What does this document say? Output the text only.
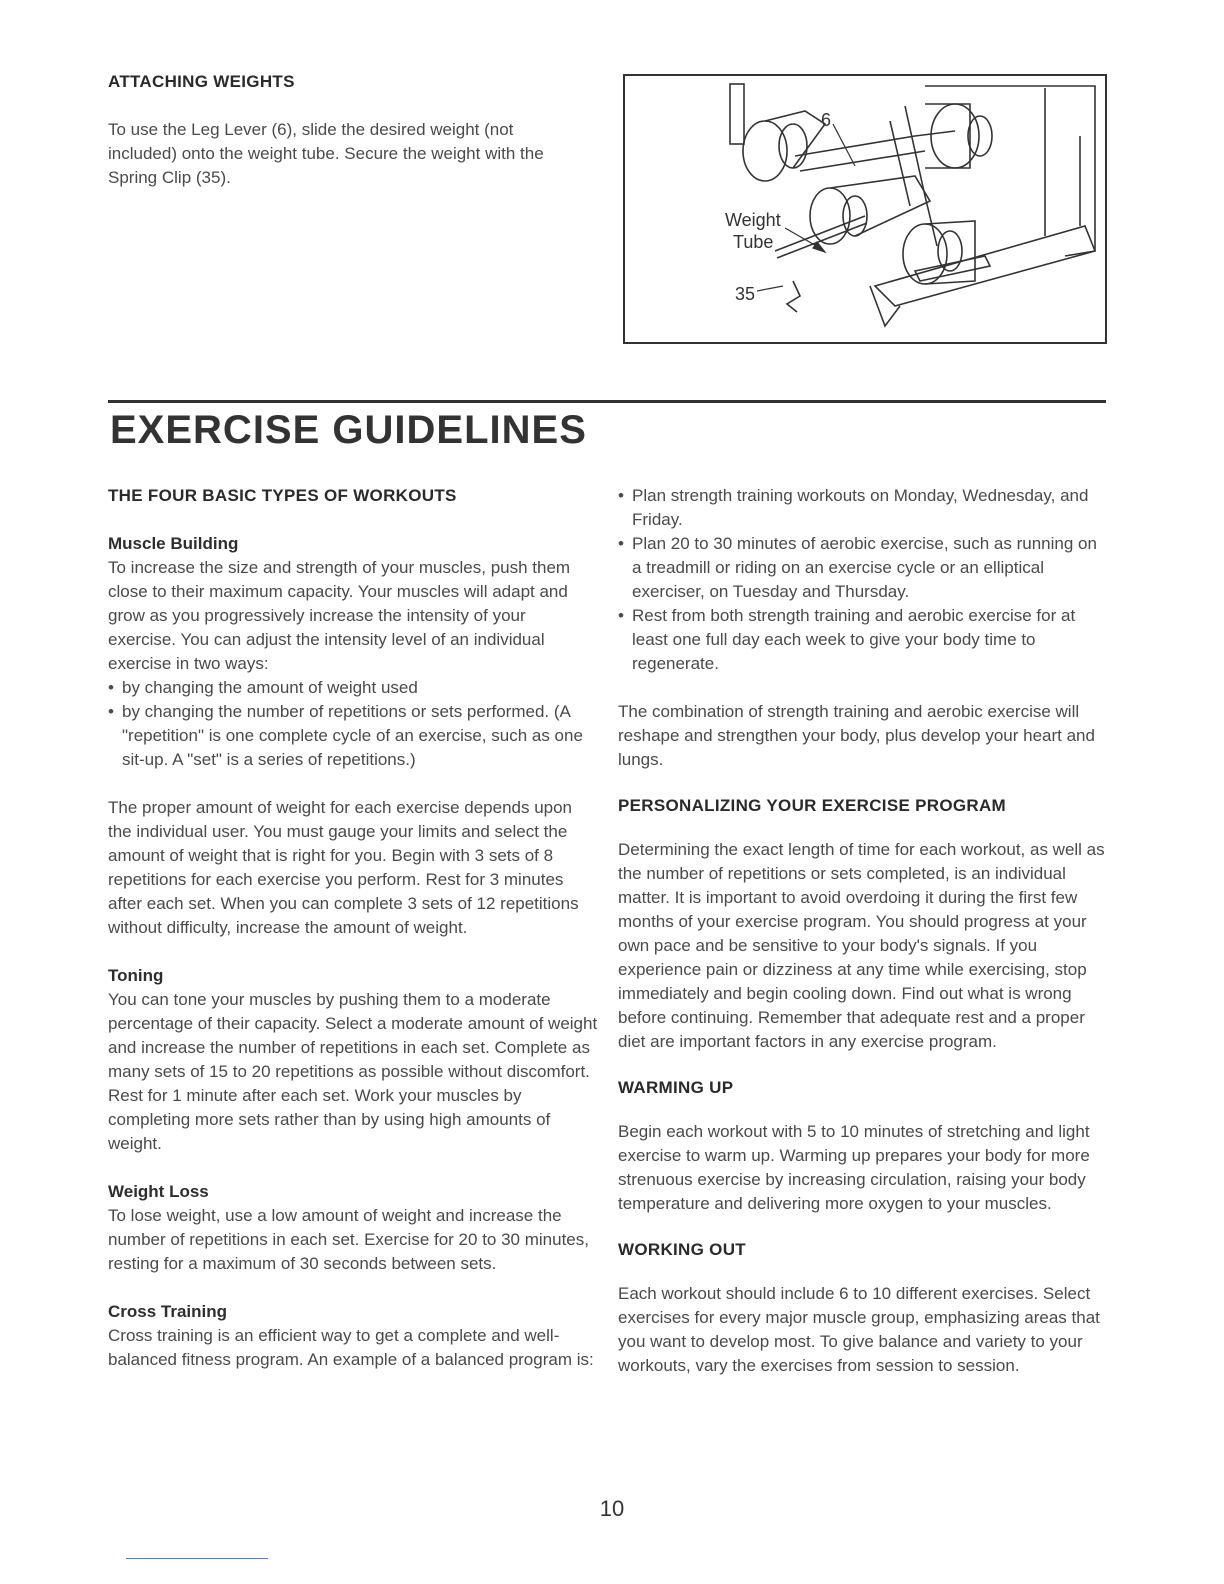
ATTACHING WEIGHTS

To use the Leg Lever (6), slide the desired weight (not included) onto the weight tube. Secure the weight with the Spring Clip (35).

6
Weight
Tube
35
EXERCISE GUIDELINES
THE FOUR BASIC TYPES OF WORKOUTS
Muscle Building

To increase the size and strength of your muscles, push them close to their maximum capacity. Your muscles will adapt and grow as you progressively increase the intensity of your exercise. You can adjust the intensity level of an individual exercise in two ways:

• by changing the amount of weight used
• by changing the number of repetitions or sets performed. (A "repetition" is one complete cycle of an exercise, such as one sit-up. A "set" is a series of repetitions.)

The proper amount of weight for each exercise depends upon the individual user. You must gauge your limits and select the amount of weight that is right for you. Begin with 3 sets of 8 repetitions for each exercise you perform. Rest for 3 minutes after each set. When you can complete 3 sets of 12 repetitions without difficulty, increase the amount of weight.

Toning

You can tone your muscles by pushing them to a moderate percentage of their capacity. Select a moderate amount of weight and increase the number of repetitions in each set. Complete as many sets of 15 to 20 repetitions as possible without discomfort. Rest for 1 minute after each set. Work your muscles by completing more sets rather than by using high amounts of weight.

Weight Loss

To lose weight, use a low amount of weight and increase the number of repetitions in each set. Exercise for 20 to 30 minutes, resting for a maximum of 30 seconds between sets.

Cross Training

Cross training is an efficient way to get a complete and well-balanced fitness program. An example of a balanced program is:

• Plan strength training workouts on Monday, Wednesday, and Friday.
• Plan 20 to 30 minutes of aerobic exercise, such as running on a treadmill or riding on an exercise cycle or an elliptical exerciser, on Tuesday and Thursday.
• Rest from both strength training and aerobic exercise for at least one full day each week to give your body time to regenerate.

The combination of strength training and aerobic exercise will reshape and strengthen your body, plus develop your heart and lungs.

PERSONALIZING YOUR EXERCISE PROGRAM

Determining the exact length of time for each workout, as well as the number of repetitions or sets completed, is an individual matter. It is important to avoid overdoing it during the first few months of your exercise program. You should progress at your own pace and be sensitive to your body's signals. If you experience pain or dizziness at any time while exercising, stop immediately and begin cooling down. Find out what is wrong before continuing. Remember that adequate rest and a proper diet are important factors in any exercise program.

WARMING UP

Begin each workout with 5 to 10 minutes of stretching and light exercise to warm up. Warming up prepares your body for more strenuous exercise by increasing circulation, raising your body temperature and delivering more oxygen to your muscles.

WORKING OUT

Each workout should include 6 to 10 different exercises. Select exercises for every major muscle group, emphasizing areas that you want to develop most. To give balance and variety to your workouts, vary the exercises from session to session.

10
